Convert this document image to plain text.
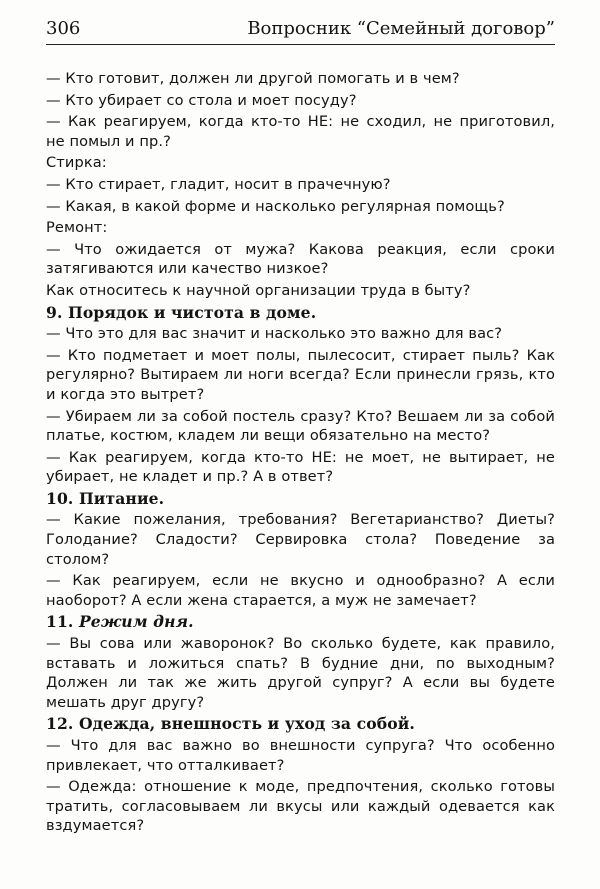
306	Вопросник “Семейный договор”

— Кто готовит, должен ли другой помогать и в чем?

— Кто убирает со стола и моет посуду?

— Как реагируем, когда кто-то НЕ: не сходил, не приготовил, не помыл и пр.?

Стирка:

— Кто стирает, гладит, носит в прачечную?

— Какая, в какой форме и насколько регулярная помощь?

Ремонт:

— Что ожидается от мужа? Какова реакция, если сроки затягиваются или качество низкое?

Как относитесь к научной организации труда в быту?

9. Порядок и чистота в доме.

— Что это для вас значит и насколько это важно для вас?

— Кто подметает и моет полы, пылесосит, стирает пыль? Как регулярно? Вытираем ли ноги всегда? Если принесли грязь, кто и когда это вытрет?

— Убираем ли за собой постель сразу? Кто? Вешаем ли за собой платье, костюм, кладем ли вещи обязательно на место?

— Как реагируем, когда кто-то НЕ: не моет, не вытирает, не убирает, не кладет и пр.? А в ответ?

10. Питание.

— Какие пожелания, требования? Вегетарианство? Диеты? Голодание? Сладости? Сервировка стола? Поведение за столом?

— Как реагируем, если не вкусно и однообразно? А если наоборот? А если жена старается, а муж не замечает?

11. Режим дня.

— Вы сова или жаворонок? Во сколько будете, как правило, вставать и ложиться спать? В будние дни, по выходным? Должен ли так же жить другой супруг? А если вы будете мешать друг другу?

12. Одежда, внешность и уход за собой.

— Что для вас важно во внешности супруга? Что особенно привлекает, что отталкивает?

— Одежда: отношение к моде, предпочтения, сколько готовы тратить, согласовываем ли вкусы или каждый одевается как вздумается?
